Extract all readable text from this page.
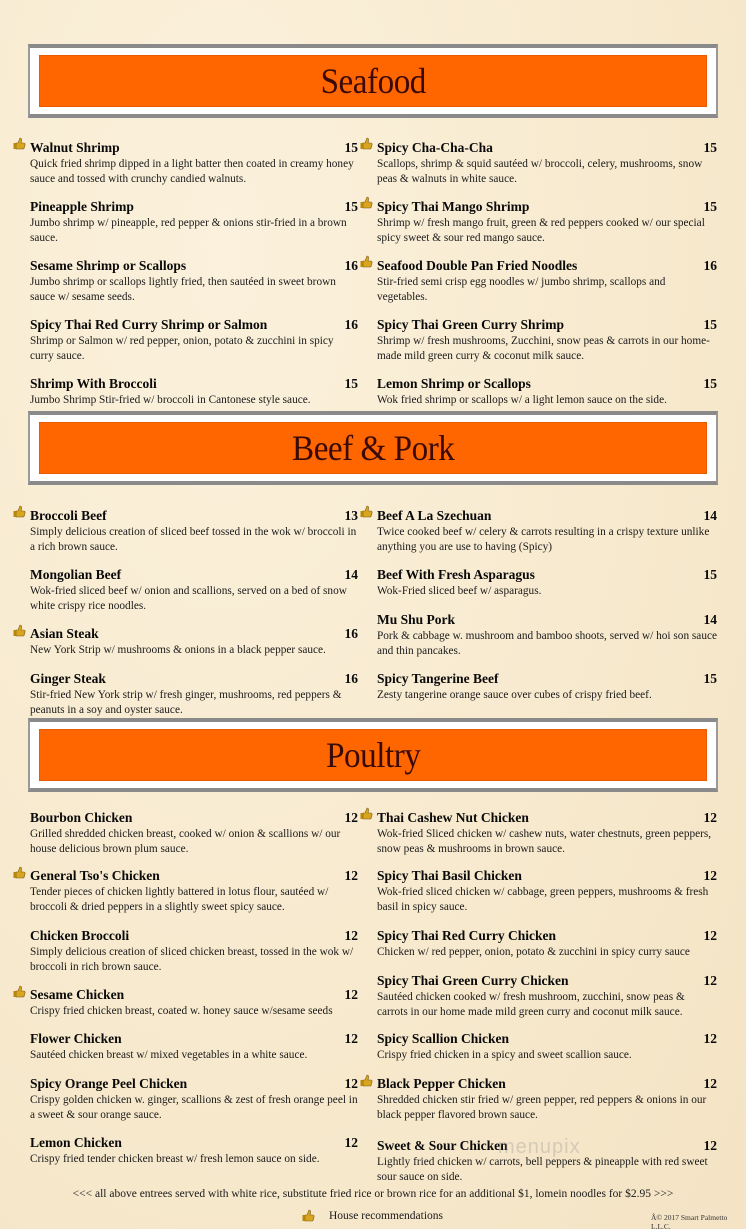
Seafood
Walnut Shrimp	15
Quick fried shrimp dipped in a light batter then coated in creamy honey sauce and tossed with crunchy candied walnuts.
Pineapple Shrimp	15
Jumbo shrimp w/ pineapple, red pepper & onions stir-fried in a brown sauce.
Sesame Shrimp or Scallops	16
Jumbo shrimp or scallops lightly fried, then sautéed in sweet brown sauce w/ sesame seeds.
Spicy Thai Red Curry Shrimp or Salmon	16
Shrimp or Salmon w/ red pepper, onion, potato & zucchini in spicy curry sauce.
Shrimp With Broccoli	15
Jumbo Shrimp Stir-fried w/ broccoli in Cantonese style sauce.
Spicy Cha-Cha-Cha	15
Scallops, shrimp & squid sautéed w/ broccoli, celery, mushrooms, snow peas & walnuts in white sauce.
Spicy Thai Mango Shrimp	15
Shrimp w/ fresh mango fruit, green & red peppers cooked w/ our special spicy sweet & sour red mango sauce.
Seafood Double Pan Fried Noodles	16
Stir-fried semi crisp egg noodles w/ jumbo shrimp, scallops and vegetables.
Spicy Thai Green Curry Shrimp	15
Shrimp w/ fresh mushrooms, Zucchini, snow peas & carrots in our home-made mild green curry & coconut milk sauce.
Lemon Shrimp or Scallops	15
Wok fried shrimp or scallops w/ a light lemon sauce on the side.
Beef & Pork
Broccoli Beef	13
Simply delicious creation of sliced beef tossed in the wok w/ broccoli in a rich brown sauce.
Mongolian Beef	14
Wok-fried sliced beef w/ onion and scallions, served on a bed of snow white crispy rice noodles.
Asian Steak	16
New York Strip w/ mushrooms & onions in a black pepper sauce.
Ginger Steak	16
Stir-fried New York strip w/ fresh ginger, mushrooms, red peppers & peanuts in a soy and oyster sauce.
Beef A La Szechuan	14
Twice cooked beef w/ celery & carrots resulting in a crispy texture unlike anything you are use to having (Spicy)
Beef With Fresh Asparagus	15
Wok-Fried sliced beef w/ asparagus.
Mu Shu Pork	14
Pork & cabbage w. mushroom and bamboo shoots, served w/ hoi son sauce and thin pancakes.
Spicy Tangerine Beef	15
Zesty tangerine orange sauce over cubes of crispy fried beef.
Poultry
Bourbon Chicken	12
Grilled shredded chicken breast, cooked w/ onion & scallions w/ our house delicious brown plum sauce.
General Tso's Chicken	12
Tender pieces of chicken lightly battered in lotus flour, sautéed w/ broccoli & dried peppers in a slightly sweet spicy sauce.
Chicken Broccoli	12
Simply delicious creation of sliced chicken breast, tossed in the wok w/ broccoli in rich brown sauce.
Sesame Chicken	12
Crispy fried chicken breast, coated w. honey sauce w/sesame seeds
Flower Chicken	12
Sautéed chicken breast w/ mixed vegetables in a white sauce.
Spicy Orange Peel Chicken	12
Crispy golden chicken w. ginger, scallions & zest of fresh orange peel in a sweet & sour orange sauce.
Lemon Chicken	12
Crispy fried tender chicken breast w/ fresh lemon sauce on side.
Thai Cashew Nut Chicken	12
Wok-fried Sliced chicken w/ cashew nuts, water chestnuts, green peppers, snow peas & mushrooms in brown sauce.
Spicy Thai Basil Chicken	12
Wok-fried sliced chicken w/ cabbage, green peppers, mushrooms & fresh basil in spicy sauce.
Spicy Thai Red Curry Chicken	12
Chicken w/ red pepper, onion, potato & zucchini in spicy curry sauce
Spicy Thai Green Curry Chicken	12
Sautéed chicken cooked w/ fresh mushroom, zucchini, snow peas & carrots in our home made mild green curry and coconut milk sauce.
Spicy Scallion Chicken	12
Crispy fried chicken in a spicy and sweet scallion sauce.
Black Pepper Chicken	12
Shredded chicken stir fried w/ green pepper, red peppers & onions in our black pepper flavored brown sauce.
Sweet & Sour Chicken	12
Lightly fried chicken w/ carrots, bell peppers & pineapple with red sweet sour sauce on side.
menupix
<<< all above entrees served with white rice, substitute fried rice or brown rice for an additional $1, lomein noodles for $2.95 >>>
House recommendations	Â© 2017 Smart Palmetto L.L.C.
